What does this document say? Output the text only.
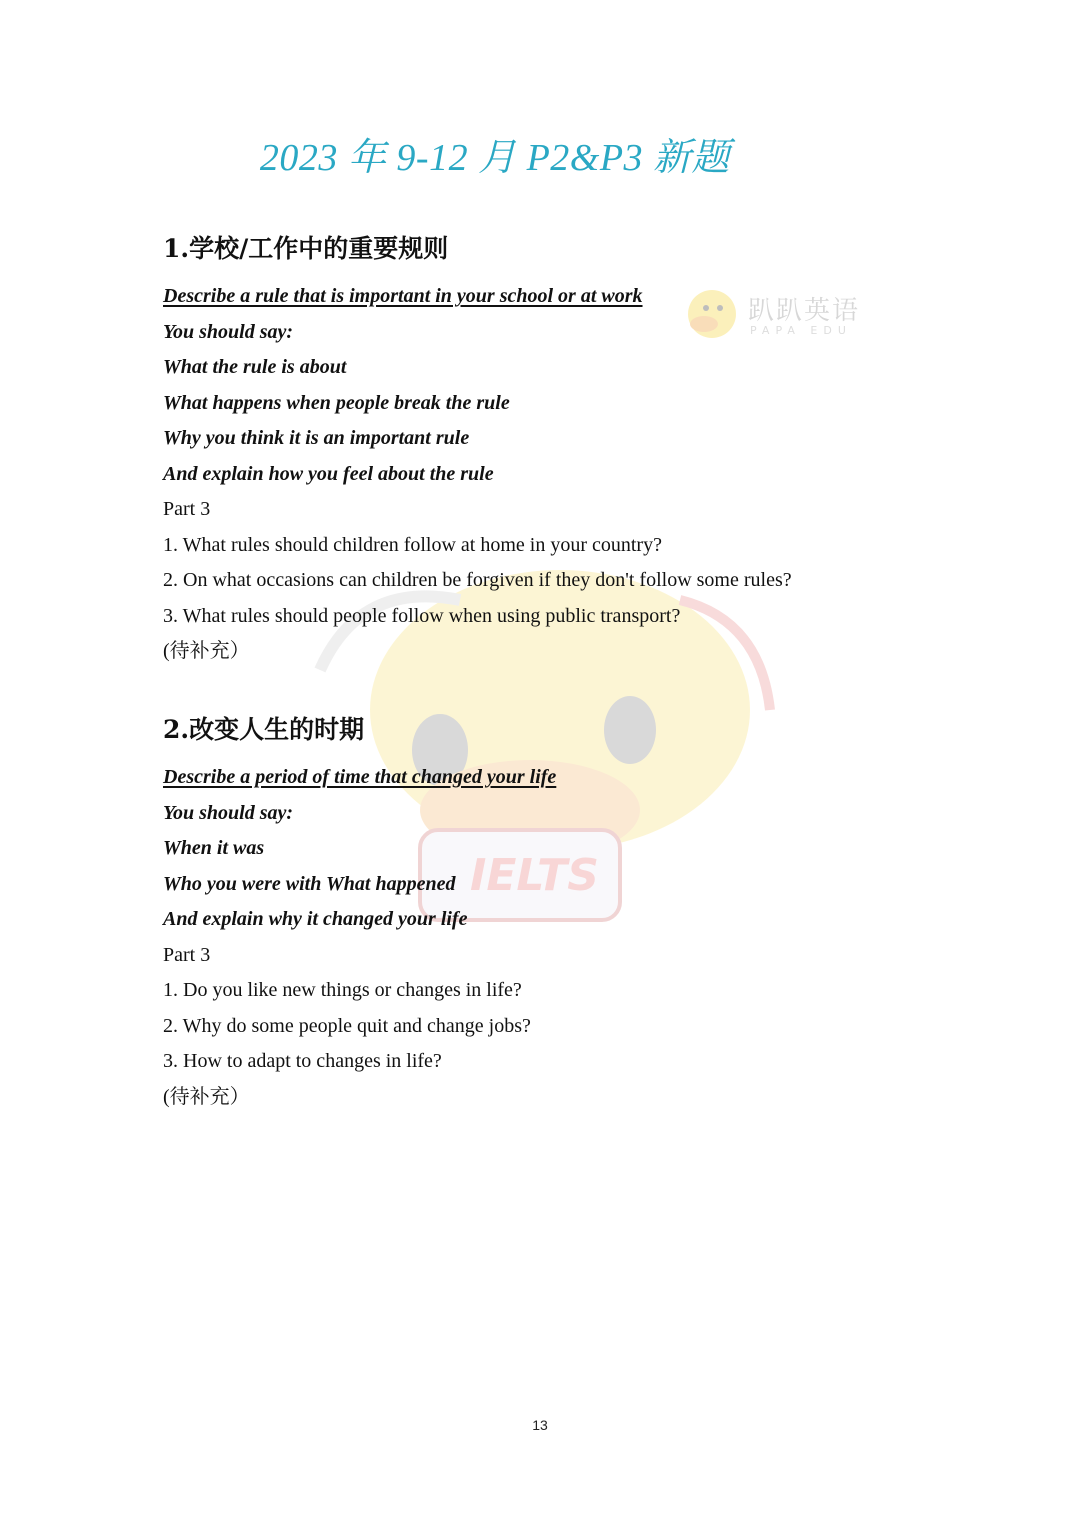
IELTS
趴趴英语
PAPA EDU
2023 年 9-12 月 P2&P3 新题
1.学校/工作中的重要规则
Describe a rule that is important in your school or at work
You should say:
What the rule is about
What happens when people break the rule
Why you think it is an important rule
And explain how you feel about the rule
Part 3
1. What rules should children follow at home in your country?
2. On what occasions can children be forgiven if they don't follow some rules?
3. What rules should people follow when using public transport?
(待补充）
2.改变人生的时期
Describe a period of time that changed your life
You should say:
When it was
Who you were with What happened
And explain why it changed your life
Part 3
1. Do you like new things or changes in life?
2. Why do some people quit and change jobs?
3. How to adapt to changes in life?
(待补充）
13
